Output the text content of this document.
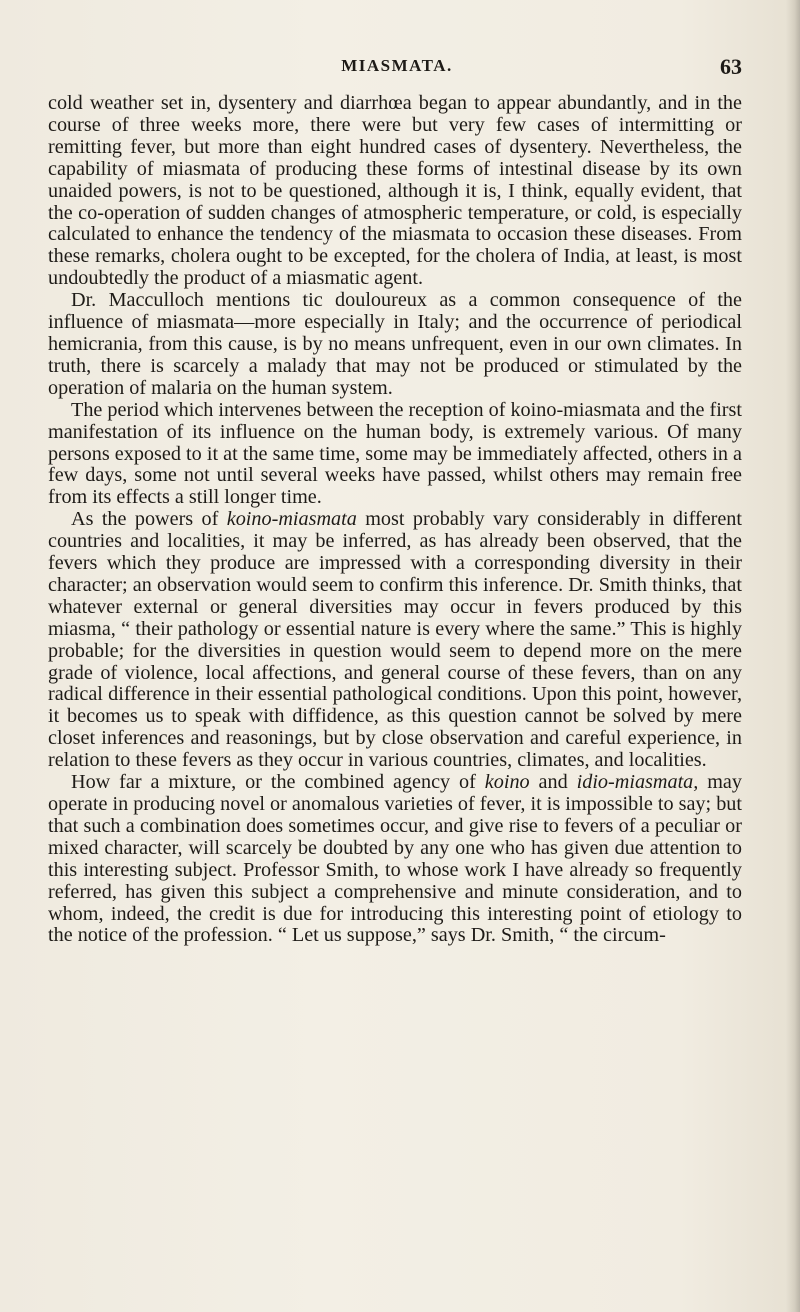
MIASMATA.	63

cold weather set in, dysentery and diarrhœa began to appear abundantly, and in the course of three weeks more, there were but very few cases of intermitting or remitting fever, but more than eight hundred cases of dysentery. Nevertheless, the capability of miasmata of producing these forms of intestinal disease by its own unaided powers, is not to be questioned, although it is, I think, equally evident, that the co-operation of sudden changes of atmospheric temperature, or cold, is especially calculated to enhance the tendency of the miasmata to occasion these diseases. From these remarks, cholera ought to be excepted, for the cholera of India, at least, is most undoubtedly the product of a miasmatic agent.

Dr. Macculloch mentions tic douloureux as a common consequence of the influence of miasmata—more especially in Italy; and the occurrence of periodical hemicrania, from this cause, is by no means unfrequent, even in our own climates. In truth, there is scarcely a malady that may not be produced or stimulated by the operation of malaria on the human system.

The period which intervenes between the reception of koino-miasmata and the first manifestation of its influence on the human body, is extremely various. Of many persons exposed to it at the same time, some may be immediately affected, others in a few days, some not until several weeks have passed, whilst others may remain free from its effects a still longer time.

As the powers of koino-miasmata most probably vary considerably in different countries and localities, it may be inferred, as has already been observed, that the fevers which they produce are impressed with a corresponding diversity in their character; an observation would seem to confirm this inference. Dr. Smith thinks, that whatever external or general diversities may occur in fevers produced by this miasma, “ their pathology or essential nature is every where the same.” This is highly probable; for the diversities in question would seem to depend more on the mere grade of violence, local affections, and general course of these fevers, than on any radical difference in their essential pathological conditions. Upon this point, however, it becomes us to speak with diffidence, as this question cannot be solved by mere closet inferences and reasonings, but by close observation and careful experience, in relation to these fevers as they occur in various countries, climates, and localities.

How far a mixture, or the combined agency of koino and idio-miasmata, may operate in producing novel or anomalous varieties of fever, it is impossible to say; but that such a combination does sometimes occur, and give rise to fevers of a peculiar or mixed character, will scarcely be doubted by any one who has given due attention to this interesting subject. Professor Smith, to whose work I have already so frequently referred, has given this subject a comprehensive and minute consideration, and to whom, indeed, the credit is due for introducing this interesting point of etiology to the notice of the profession. “ Let us suppose,” says Dr. Smith, “ the circum-
